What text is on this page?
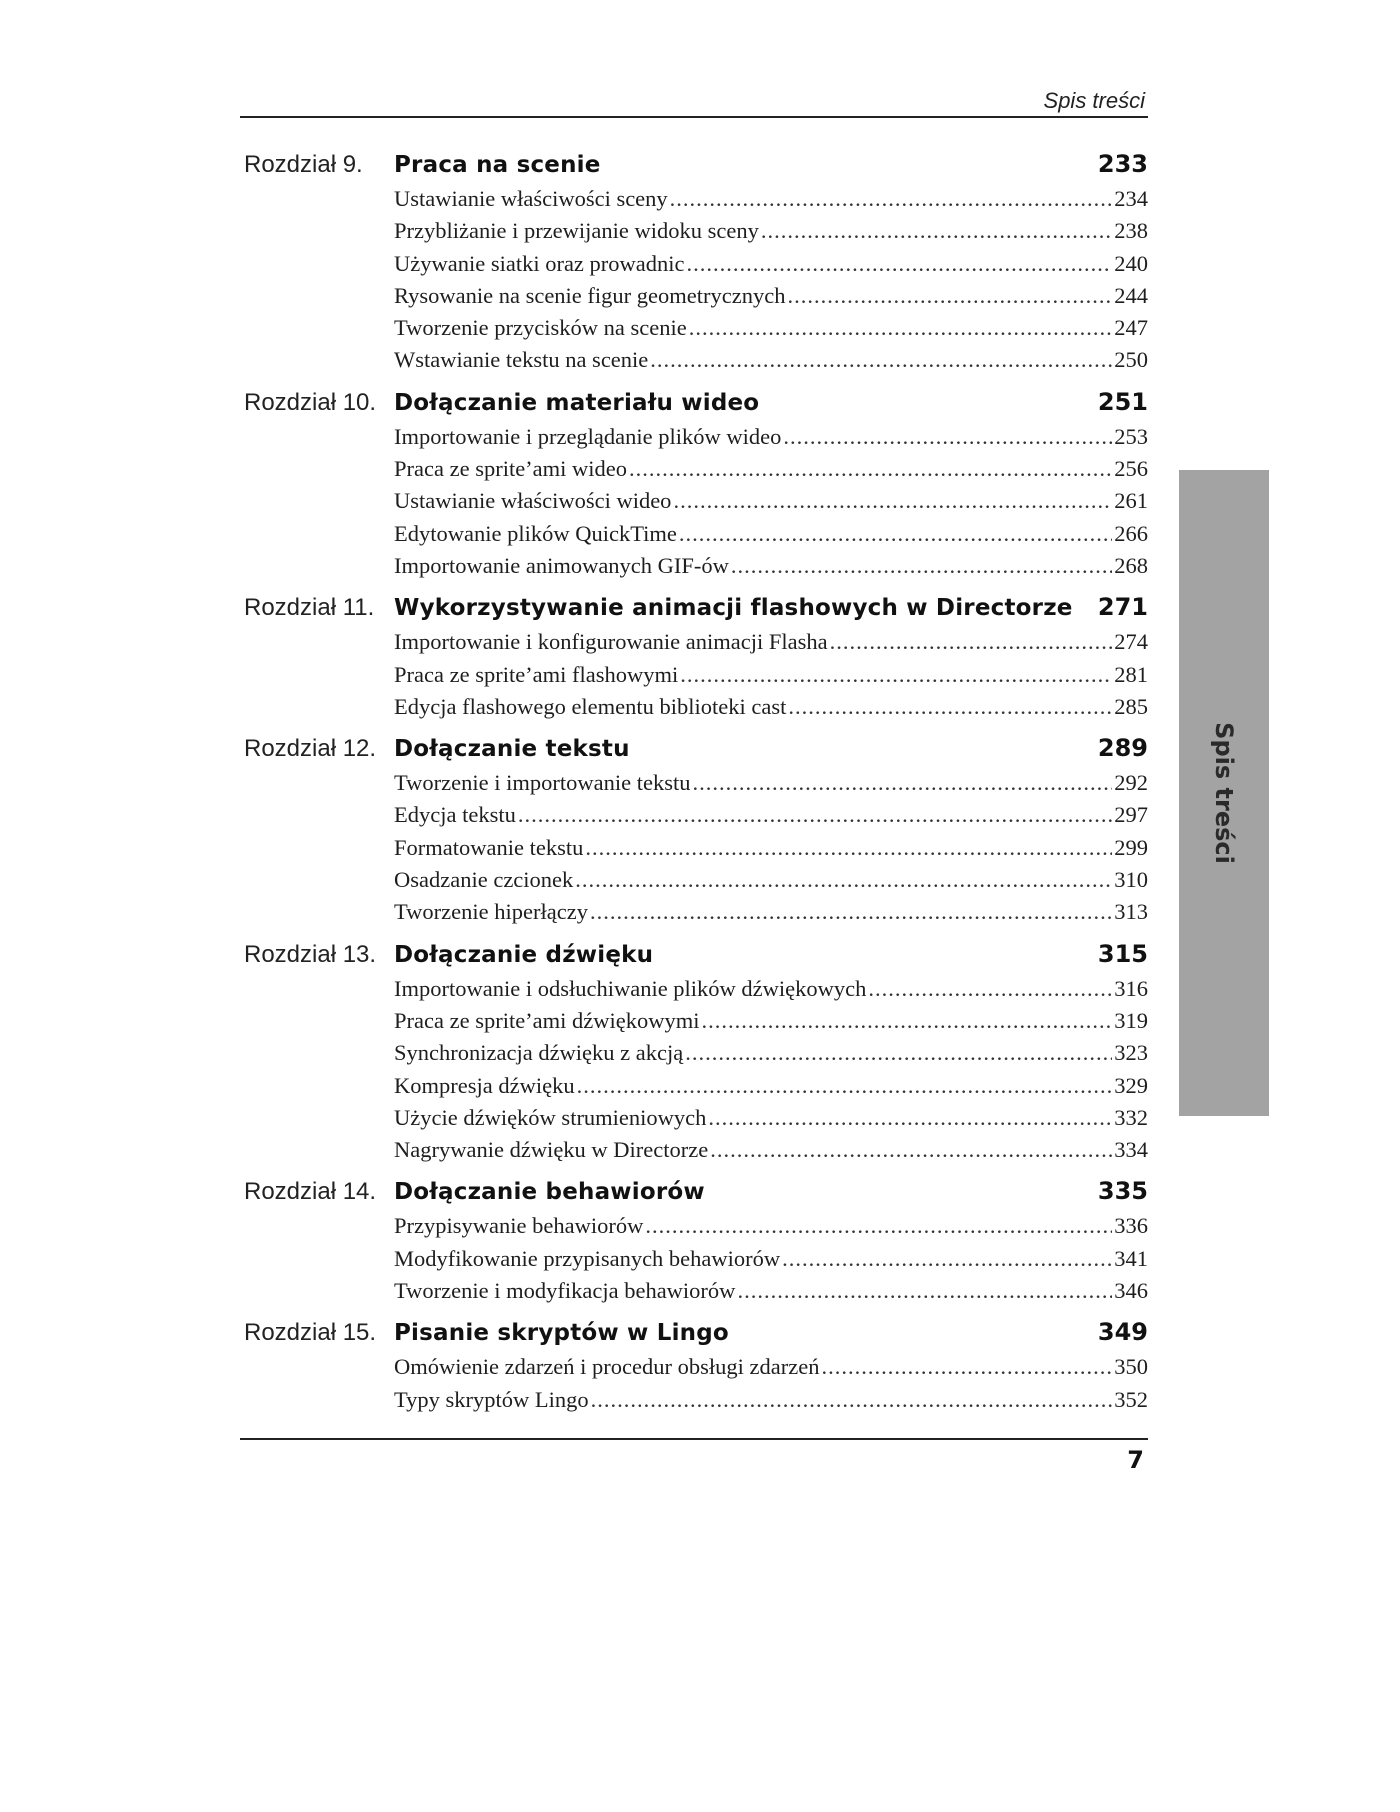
Spis treści
Rozdział 9.	Praca na scenie	233
Ustawianie właściwości sceny .....	234
Przybliżanie i przewijanie widoku sceny .....	238
Używanie siatki oraz prowadnic .....	240
Rysowanie na scenie figur geometrycznych .....	244
Tworzenie przycisków na scenie .....	247
Wstawianie tekstu na scenie .....	250
Rozdział 10. Dołączanie materiału wideo	251
Importowanie i przeglądanie plików wideo .....	253
Praca ze sprite’ami wideo .....	256
Ustawianie właściwości wideo .....	261
Edytowanie plików QuickTime .....	266
Importowanie animowanych GIF-ów .....	268
Rozdział 11. Wykorzystywanie animacji flashowych w Directorze	271
Importowanie i konfigurowanie animacji Flasha .....	274
Praca ze sprite’ami flashowymi .....	281
Edycja flashowego elementu biblioteki cast .....	285
Rozdział 12. Dołączanie tekstu	289
Tworzenie i importowanie tekstu .....	292
Edycja tekstu .....	297
Formatowanie tekstu .....	299
Osadzanie czcionek .....	310
Tworzenie hiperłączy .....	313
Rozdział 13. Dołączanie dźwięku	315
Importowanie i odsłuchiwanie plików dźwiękowych .....	316
Praca ze sprite’ami dźwiękowymi .....	319
Synchronizacja dźwięku z akcją .....	323
Kompresja dźwięku .....	329
Użycie dźwięków strumieniowych .....	332
Nagrywanie dźwięku w Directorze .....	334
Rozdział 14. Dołączanie behawiorów	335
Przypisywanie behawiorów .....	336
Modyfikowanie przypisanych behawiorów .....	341
Tworzenie i modyfikacja behawiorów .....	346
Rozdział 15. Pisanie skryptów w Lingo	349
Omówienie zdarzeń i procedur obsługi zdarzeń .....	350
Typy skryptów Lingo .....	352
7
Spis treści
